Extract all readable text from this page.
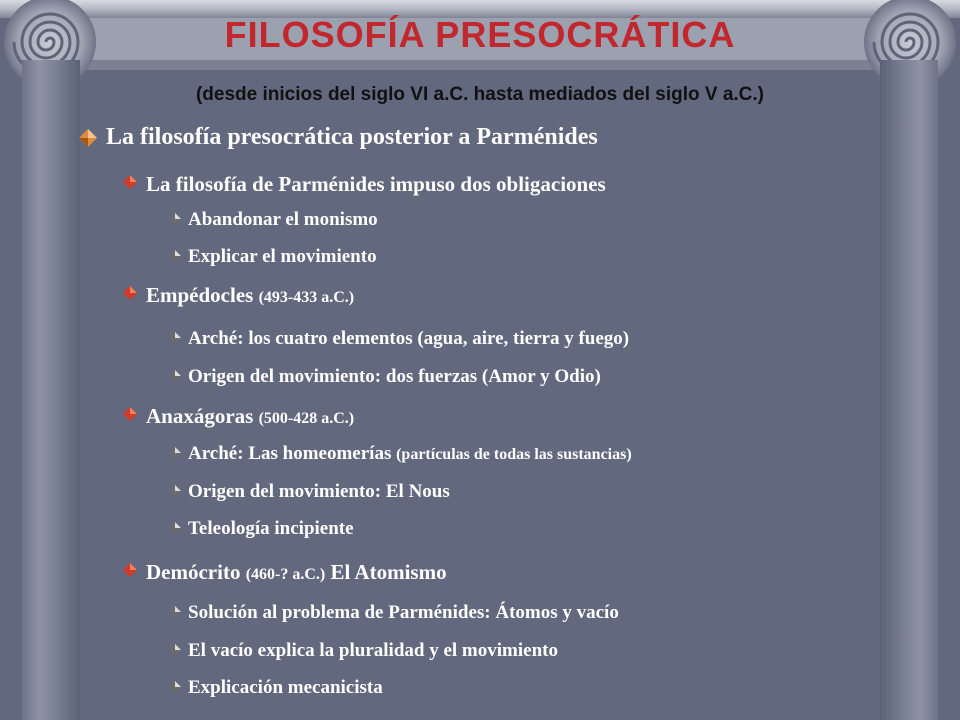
FILOSOFÍA PRESOCRÁTICA
(desde inicios del siglo VI a.C. hasta mediados del siglo V a.C.)
La filosofía presocrática posterior a Parménides
La filosofía de Parménides impuso dos obligaciones
Abandonar el monismo
Explicar el movimiento
Empédocles (493-433 a.C.)
Arché: los cuatro elementos (agua, aire, tierra y fuego)
Origen del movimiento: dos fuerzas (Amor y Odio)
Anaxágoras (500-428 a.C.)
Arché: Las homeomerías (partículas de todas las sustancias)
Origen del movimiento: El Nous
Teleología incipiente
Demócrito (460-? a.C.) El Atomismo
Solución al problema de Parménides: Átomos y vacío
El vacío explica la pluralidad y el movimiento
Explicación mecanicista
